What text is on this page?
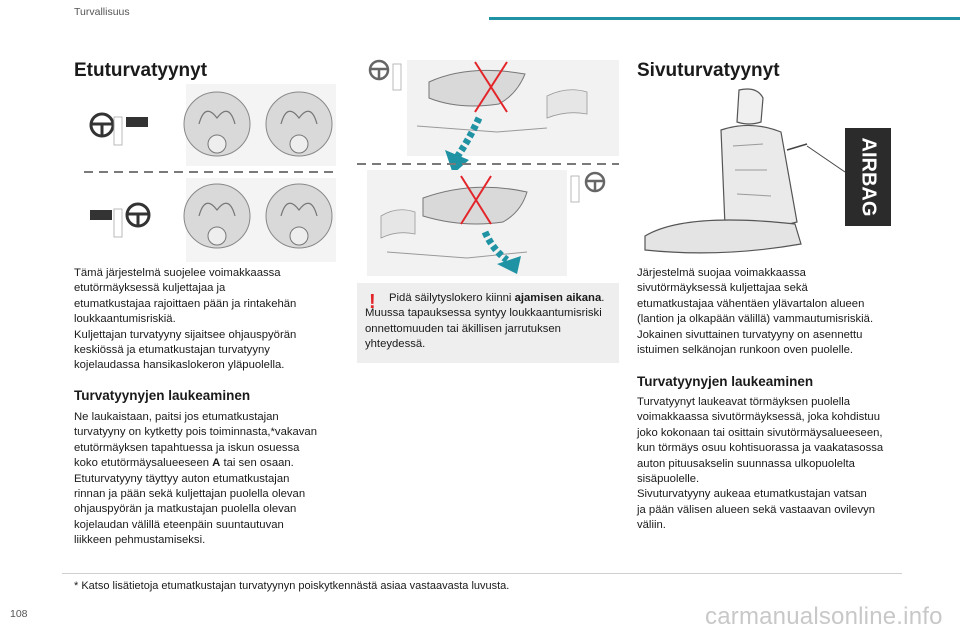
Turvallisuus
Etuturvatyynyt
Tämä järjestelmä suojelee voimakkaassa
etutörmäyksessä kuljettajaa ja
etumatkustajaa rajoittaen pään ja rintakehän
loukkaantumisriskiä.
Kuljettajan turvatyyny sijaitsee ohjauspyörän
keskiössä ja etumatkustajan turvatyyny
kojelaudassa hansikaslokeron yläpuolella.
Turvatyynyjen laukeaminen
Ne laukaistaan, paitsi jos etumatkustajan
turvatyyny on kytketty pois toiminnasta,*vakavan
etutörmäyksen tapahtuessa ja iskun osuessa
koko etutörmäysalueeseen A tai sen osaan.
Etuturvatyyny täyttyy auton etumatkustajan
rinnan ja pään sekä kuljettajan puolella olevan
ohjauspyörän ja matkustajan puolella olevan
kojelaudan välillä eteenpäin suuntautuvan
liikkeen pehmustamiseksi.
!	Pidä säilytyslokero kiinni ajamisen aikana. Muussa tapauksessa syntyy loukkaantumisriski onnettomuuden tai äkillisen jarrutuksen yhteydessä.
Sivuturvatyynyt
AIRBAG
Järjestelmä suojaa voimakkaassa
sivutörmäyksessä kuljettajaa sekä
etumatkustajaa vähentäen ylävartalon alueen
(lantion ja olkapään välillä) vammautumisriskiä.
Jokainen sivuttainen turvatyyny on asennettu
istuimen selkänojan runkoon oven puolelle.
Turvatyynyjen laukeaminen
Turvatyynyt laukeavat törmäyksen puolella
voimakkaassa sivutörmäyksessä, joka kohdistuu
joko kokonaan tai osittain sivutörmäysalueeseen,
kun törmäys osuu kohtisuorassa ja vaakatasossa
auton pituusakselin suunnassa ulkopuolelta
sisäpuolelle.
Sivuturvatyyny aukeaa etumatkustajan vatsan
ja pään välisen alueen sekä vastaavan ovilevyn
väliin.
* Katso lisätietoja etumatkustajan turvatyynyn poiskytkennästä asiaa vastaavasta luvusta.
108	carmanualsonline.info
